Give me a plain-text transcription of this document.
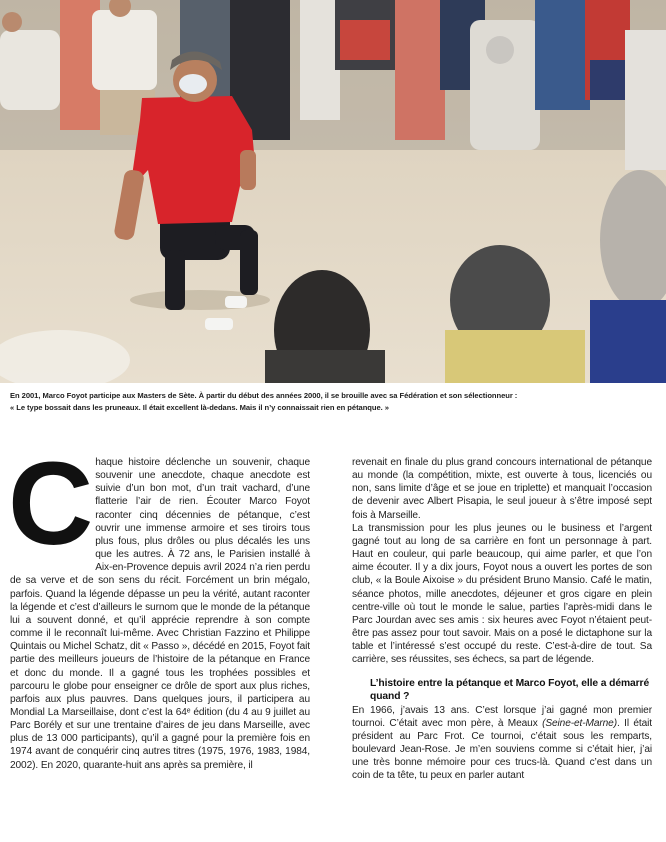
En 2001, Marco Foyot participe aux Masters de Sète. À partir du début des années 2000, il se brouille avec sa Fédération et son sélectionneur :
« Le type bossait dans les pruneaux. Il était excellent là-dedans. Mais il n’y connaissait rien en pétanque. »
C haque histoire déclenche un souvenir, chaque souvenir une anecdote, chaque anecdote est suivie d’un bon mot, d’un trait vachard, d’une flatterie l’air de rien. Écouter Marco Foyot raconter cinq décennies de pétanque, c’est ouvrir une immense armoire et ses tiroirs tous plus fous, plus drôles ou plus décalés les uns que les autres. À 72 ans, le Parisien installé à Aix-en-Provence depuis avril 2024 n’a rien perdu de sa verve et de son sens du récit. Forcément un brin mégalo, parfois. Quand la légende dépasse un peu la vérité, autant raconter la légende et c’est d’ailleurs le surnom que le monde de la pétanque lui a souvent donné, et qu’il apprécie reprendre à son compte comme il le reconnaît lui-même. Avec Christian Fazzino et Philippe Quintais ou Michel Schatz, dit « Passo », décédé en 2015, Foyot fait partie des meilleurs joueurs de l’histoire de la pétanque en France et donc du monde. Il a gagné tous les trophées possibles et parcouru le globe pour enseigner ce drôle de sport aux plus riches, parfois aux plus pauvres. Dans quelques jours, il participera au Mondial La Marseillaise, dont c’est la 64ᵉ édition (du 4 au 9 juillet au Parc Borély et sur une trentaine d’aires de jeu dans Marseille, avec plus de 13 000 participants), qu’il a gagné pour la première fois en 1974 avant de conquérir cinq autres titres (1975, 1976, 1983, 1984, 2002). En 2020, quarante-huit ans après sa première, il

revenait en finale du plus grand concours international de pétanque au monde (la compétition, mixte, est ouverte à tous, licenciés ou non, sans limite d’âge et se joue en triplette) et manquait l’occasion de devenir avec Albert Pisapia, le seul joueur à s’être imposé sept fois à Marseille.

La transmission pour les plus jeunes ou le business et l’argent gagné tout au long de sa carrière en font un personnage à part. Haut en couleur, qui parle beaucoup, qui aime parler, et que l’on aime écouter. Il y a dix jours, Foyot nous a ouvert les portes de son club, « la Boule Aixoise » du président Bruno Mansio. Café le matin, séance photos, mille anecdotes, déjeuner et gros cigare en plein centre-ville où tout le monde le salue, parties l’après-midi dans le Parc Jourdan avec ses amis : six heures avec Foyot n’étaient peut-être pas assez pour tout savoir. Mais on a posé le dictaphone sur la table et l’intéressé s’est occupé du reste. C’est-à-dire de tout. Sa carrière, ses réussites, ses échecs, sa part de légende.

L’histoire entre la pétanque et Marco Foyot, elle a démarré quand ?

En 1966, j’avais 13 ans. C’est lorsque j’ai gagné mon premier tournoi. C’était avec mon père, à Meaux (Seine-et-Marne). Il était président au Parc Frot. Ce tournoi, c’était sous les remparts, boulevard Jean-Rose. Je m’en souviens comme si c’était hier, j’ai une très bonne mémoire pour ces trucs-là. Quand c’est dans un coin de ta tête, tu peux en parler autant
